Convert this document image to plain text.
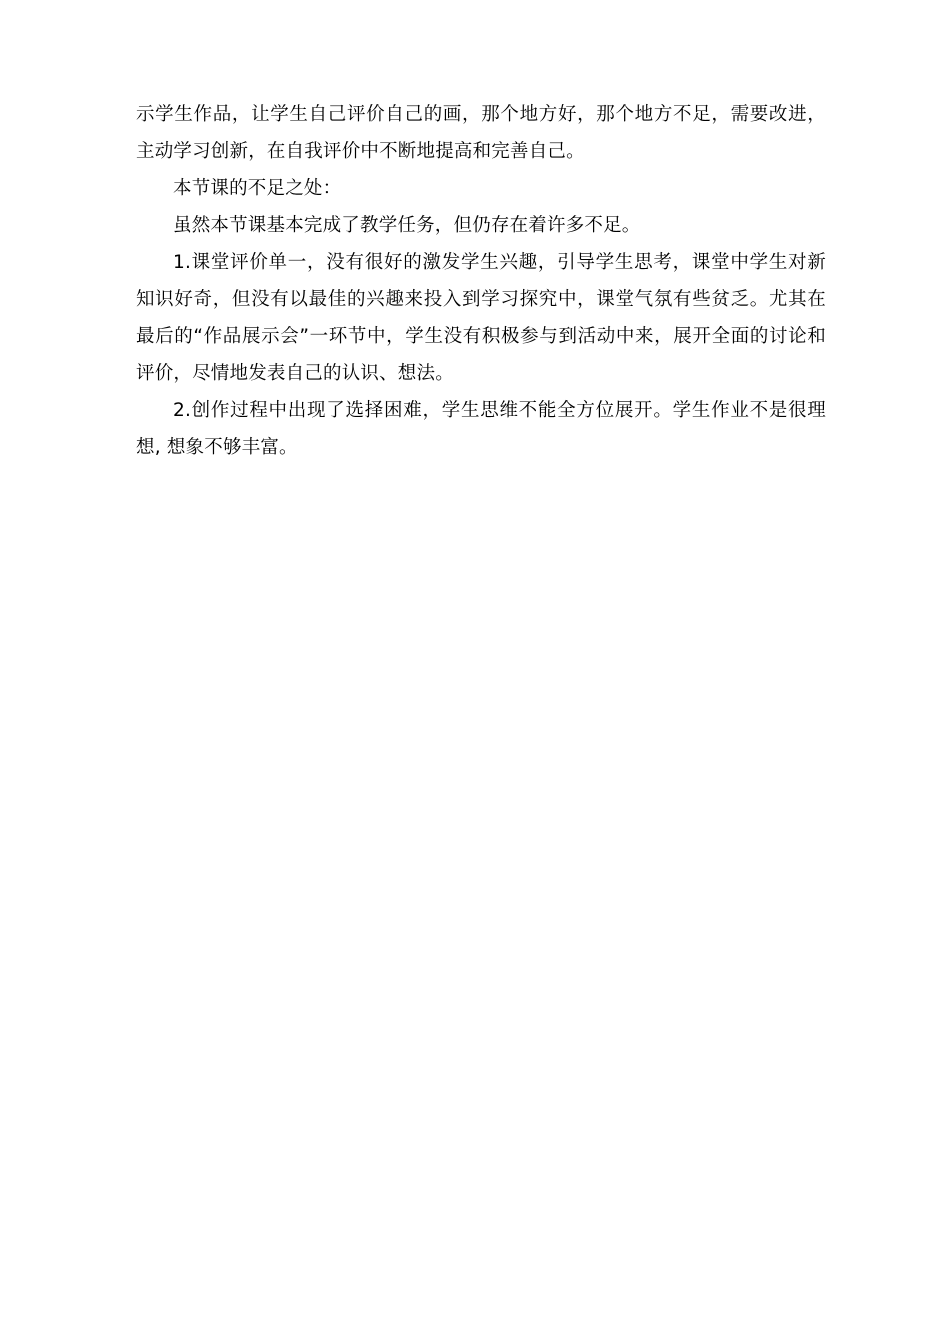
示学生作品，让学生自己评价自己的画，那个地方好，那个地方不足，需要改进，主动学习创新，在自我评价中不断地提高和完善自己。

本节课的不足之处：

虽然本节课基本完成了教学任务，但仍存在着许多不足。

1.课堂评价单一，没有很好的激发学生兴趣，引导学生思考，课堂中学生对新知识好奇，但没有以最佳的兴趣来投入到学习探究中，课堂气氛有些贫乏。尤其在最后的“作品展示会”一环节中，学生没有积极参与到活动中来，展开全面的讨论和评价，尽情地发表自己的认识、想法。

2.创作过程中出现了选择困难，学生思维不能全方位展开。学生作业不是很理想, 想象不够丰富。
